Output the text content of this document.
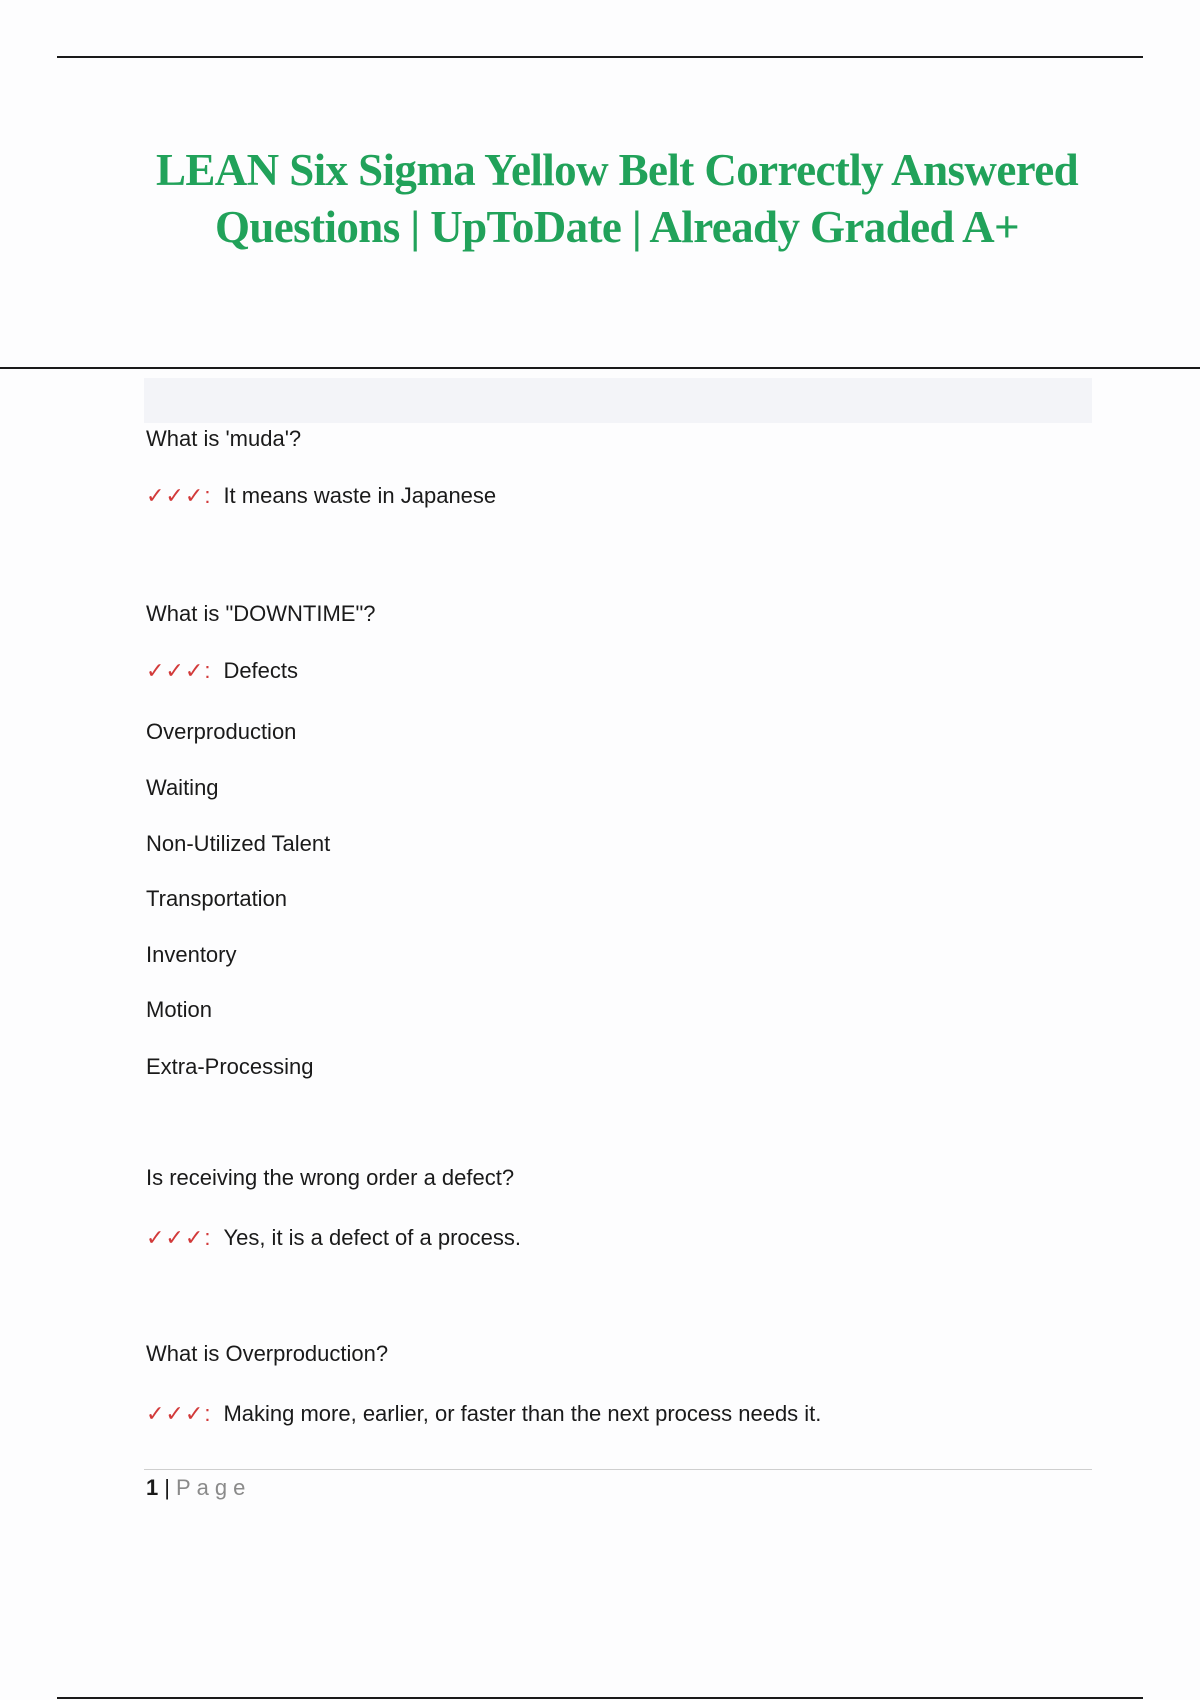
LEAN Six Sigma Yellow Belt Correctly Answered Questions | UpToDate | Already Graded A+
What is 'muda'?
✓✓✓: It means waste in Japanese
What is "DOWNTIME"?
✓✓✓: Defects
Overproduction
Waiting
Non-Utilized Talent
Transportation
Inventory
Motion
Extra-Processing
Is receiving the wrong order a defect?
✓✓✓: Yes, it is a defect of a process.
What is Overproduction?
✓✓✓: Making more, earlier, or faster than the next process needs it.
1 | Page
